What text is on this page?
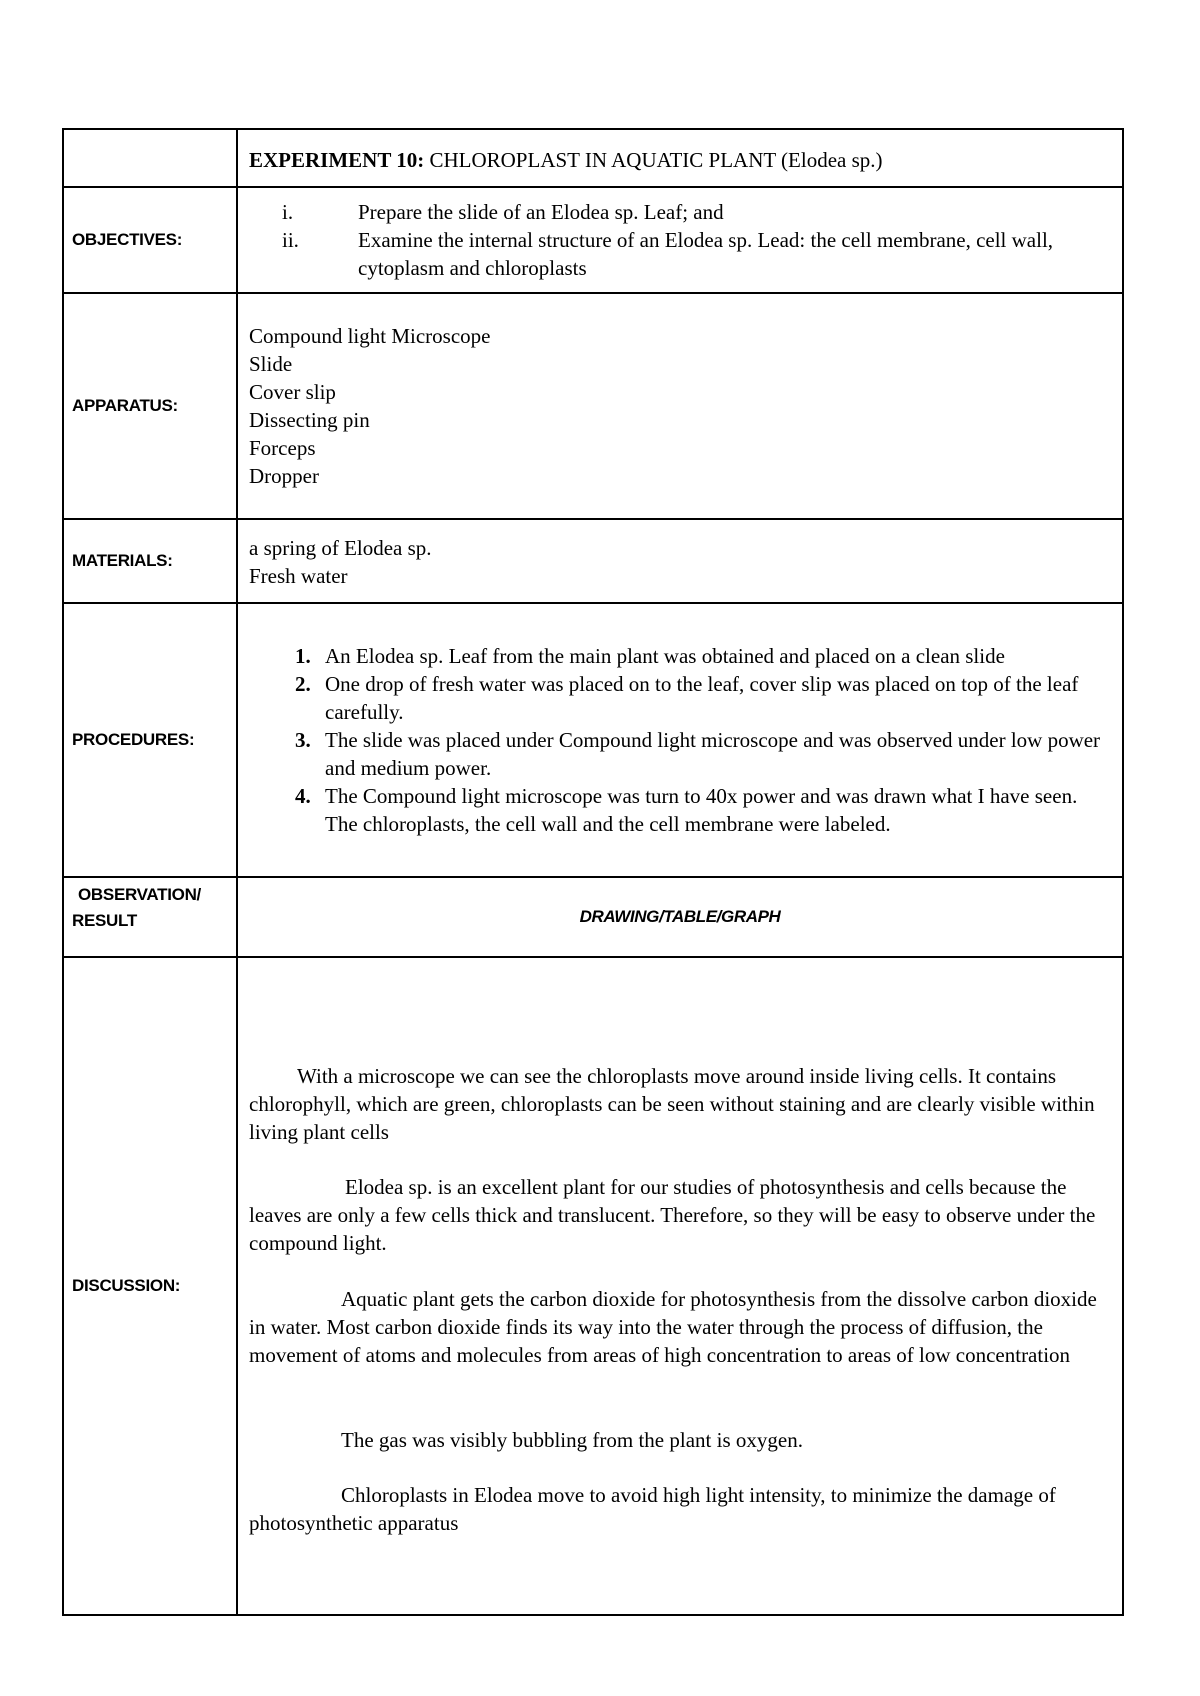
EXPERIMENT 10: CHLOROPLAST IN AQUATIC PLANT (Elodea sp.)
OBJECTIVES:
i.	Prepare the slide of an Elodea sp. Leaf; and
ii.	Examine the internal structure of an Elodea sp. Lead: the cell membrane, cell wall, cytoplasm and chloroplasts
APPARATUS:
Compound light Microscope
Slide
Cover slip
Dissecting pin
Forceps
Dropper
MATERIALS:
a spring of Elodea sp.
Fresh water
PROCEDURES:
1. An Elodea sp. Leaf from the main plant was obtained and placed on a clean slide
2. One drop of fresh water was placed on to the leaf, cover slip was placed on top of the leaf carefully.
3. The slide was placed under Compound light microscope and was observed under low power and medium power.
4. The Compound light microscope was turn to 40x power and was drawn what I have seen. The chloroplasts, the cell wall and the cell membrane were labeled.
OBSERVATION/
RESULT	DRAWING/TABLE/GRAPH
DISCUSSION:

With a microscope we can see the chloroplasts move around inside living cells. It contains chlorophyll, which are green, chloroplasts can be seen without staining and are clearly visible within living plant cells

Elodea sp. is an excellent plant for our studies of photosynthesis and cells because the leaves are only a few cells thick and translucent. Therefore, so they will be easy to observe under the compound light.

Aquatic plant gets the carbon dioxide for photosynthesis from the dissolve carbon dioxide in water. Most carbon dioxide finds its way into the water through the process of diffusion, the movement of atoms and molecules from areas of high concentration to areas of low concentration

The gas was visibly bubbling from the plant is oxygen.

Chloroplasts in Elodea move to avoid high light intensity, to minimize the damage of photosynthetic apparatus
